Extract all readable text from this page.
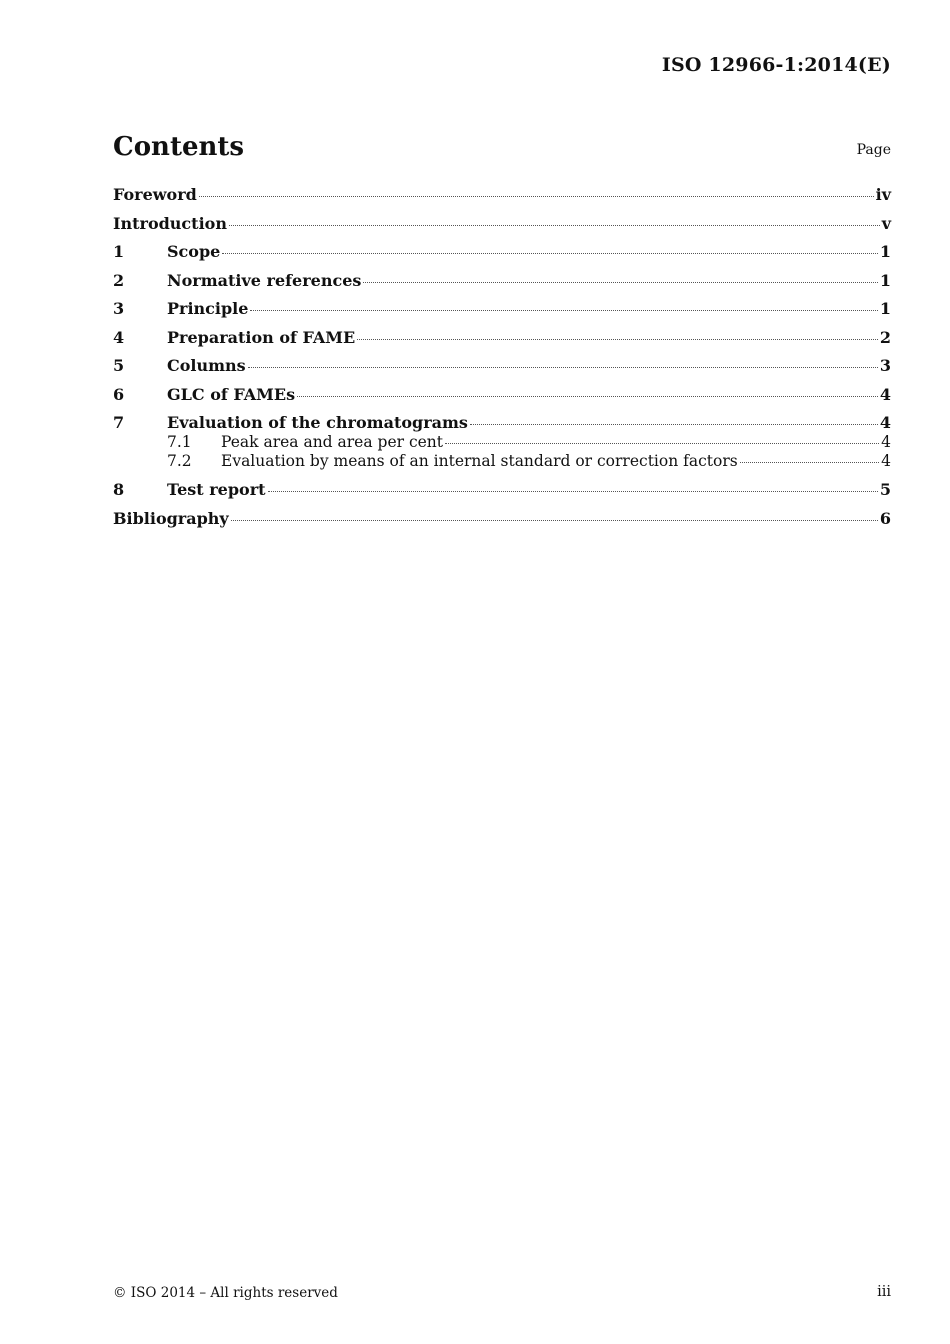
ISO 12966-1:2014(E)
Contents	Page
Foreword	iv
Introduction	v
1	Scope	1
2	Normative references	1
3	Principle	1
4	Preparation of FAME	2
5	Columns	3
6	GLC of FAMEs	4
7	Evaluation of the chromatograms	4
7.1	Peak area and area per cent	4
7.2	Evaluation by means of an internal standard or correction factors	4
8	Test report	5
Bibliography	6
© ISO 2014 – All rights reserved	iii
